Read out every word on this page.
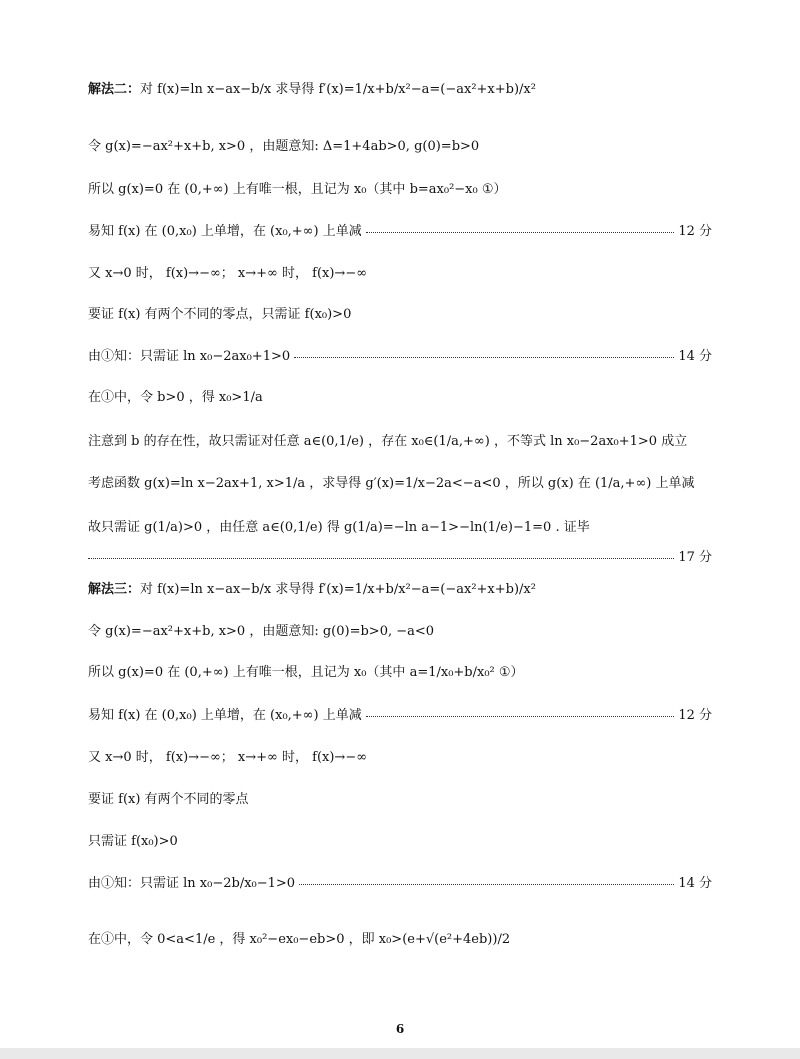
解法二： 对 f(x)=ln x−ax−b/x 求导得 f′(x)=1/x+b/x²−a=(−ax²+x+b)/x²
令 g(x)=−ax²+x+b, x>0 ，由题意知: Δ=1+4ab>0, g(0)=b>0
所以 g(x)=0 在 (0,+∞) 上有唯一根，且记为 x₀（其中 b=ax₀²−x₀ ①）
易知 f(x) 在 (0,x₀) 上单增，在 (x₀,+∞) 上单减	12 分
又 x→0 时， f(x)→−∞； x→+∞ 时， f(x)→−∞
要证 f(x) 有两个不同的零点，只需证 f(x₀)>0
由①知：只需证 ln x₀−2ax₀+1>0	14 分
在①中，令 b>0 ，得 x₀>1/a
注意到 b 的存在性，故只需证对任意 a∈(0,1/e) ，存在 x₀∈(1/a,+∞) ，不等式 ln x₀−2ax₀+1>0 成立
考虑函数 g(x)=ln x−2ax+1, x>1/a ，求导得 g′(x)=1/x−2a<−a<0 ，所以 g(x) 在 (1/a,+∞) 上单减
故只需证 g(1/a)>0 ，由任意 a∈(0,1/e) 得 g(1/a)=−ln a−1>−ln(1/e)−1=0 . 证毕
17 分
解法三： 对 f(x)=ln x−ax−b/x 求导得 f′(x)=1/x+b/x²−a=(−ax²+x+b)/x²
令 g(x)=−ax²+x+b, x>0 ，由题意知: g(0)=b>0, −a<0
所以 g(x)=0 在 (0,+∞) 上有唯一根，且记为 x₀（其中 a=1/x₀+b/x₀² ①）
易知 f(x) 在 (0,x₀) 上单增，在 (x₀,+∞) 上单减	12 分
又 x→0 时， f(x)→−∞； x→+∞ 时， f(x)→−∞
要证 f(x) 有两个不同的零点
只需证 f(x₀)>0
由①知：只需证 ln x₀−2b/x₀−1>0	14 分
在①中，令 0<a<1/e ，得 x₀²−ex₀−eb>0 ，即 x₀>(e+√(e²+4eb))/2
6
